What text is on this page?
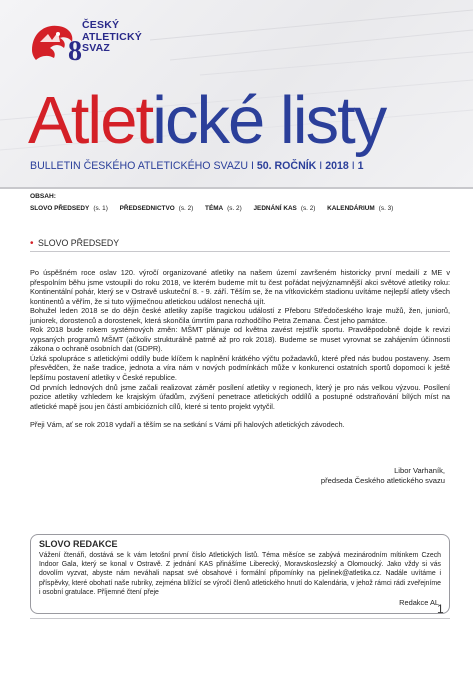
8
ČESKÝ
ATLETICKÝ
SVAZ
Atletické listy
BULLETIN ČESKÉHO ATLETICKÉHO SVAZU I 50. ROČNÍK I 2018 I 1
OBSAH:
SLOVO PŘEDSEDY (s. 1) PŘEDSEDNICTVO (s. 2) TÉMA (s. 2) JEDNÁNÍ KAS (s. 2) KALENDÁRIUM (s. 3)
• SLOVO PŘEDSEDY

Po úspěšném roce oslav 120. výročí organizované atletiky na našem území završeném historicky první medailí z ME v přespolním běhu jsme vstoupili do roku 2018, ve kterém budeme mít tu čest pořádat nejvýznamnější akci světové atletiky roku: Kontinentální pohár, který se v Ostravě uskuteční 8. - 9. září. Těším se, že na vítkovickém stadionu uvítáme nejlepší atlety všech kontinentů a věřím, že si tuto výjimečnou atletickou událost nenechá ujít.

Bohužel leden 2018 se do dějin české atletiky zapíše tragickou událostí z Přeboru Středočeského kraje mužů, žen, juniorů, juniorek, dorostenců a dorostenek, která skončila úmrtím pana rozhodčího Petra Zemana. Čest jeho památce.

Rok 2018 bude rokem systémových změn: MŠMT plánuje od května zavést rejstřík sportu. Pravděpodobně dojde k revizi vypsaných programů MŠMT (ačkoliv strukturálně patrně až pro rok 2018). Budeme se muset vyrovnat se zahájením účinnosti zákona o ochraně osobních dat (GDPR).

Úzká spolupráce s atletickými oddíly bude klíčem k naplnění krátkého výčtu požadavků, které před nás budou postaveny. Jsem přesvědčen, že naše tradice, jednota a víra nám v nových podmínkách může v konkurenci ostatních sportů dopomoci k ještě lepšímu postavení atletiky v České republice.

Od prvních lednových dnů jsme začali realizovat záměr posílení atletiky v regionech, který je pro nás velkou výzvou. Posílení pozice atletiky vzhledem ke krajským úřadům, zvýšení penetrace atletických oddílů a postupné odstraňování bílých míst na atletické mapě jsou jen částí ambiciózních cílů, které si tento projekt vytyčil.

Přeji Vám, ať se rok 2018 vydaří a těším se na setkání s Vámi při halových atletických závodech.

Libor Varhaník,
předseda Českého atletického svazu
SLOVO REDAKCE
Vážení čtenáři, dostává se k vám letošní první číslo Atletických listů. Téma měsíce se zabývá mezinárodním mítinkem Czech Indoor Gala, který se konal v Ostravě. Z jednání KAS přinášíme Liberecký, Moravskoslezský a Olomoucký. Jako vždy si vás dovolím vyzvat, abyste nám neváhali napsat své obsahové i formální připomínky na pjelinek@atletika.cz. Nadále uvítáme i příspěvky, které obohatí naše rubriky, zejména blížící se výročí členů atletického hnutí do Kalendária, v jehož rámci rádi zveřejníme i osobní gratulace. Příjemné čtení přeje
Redakce AL
1
